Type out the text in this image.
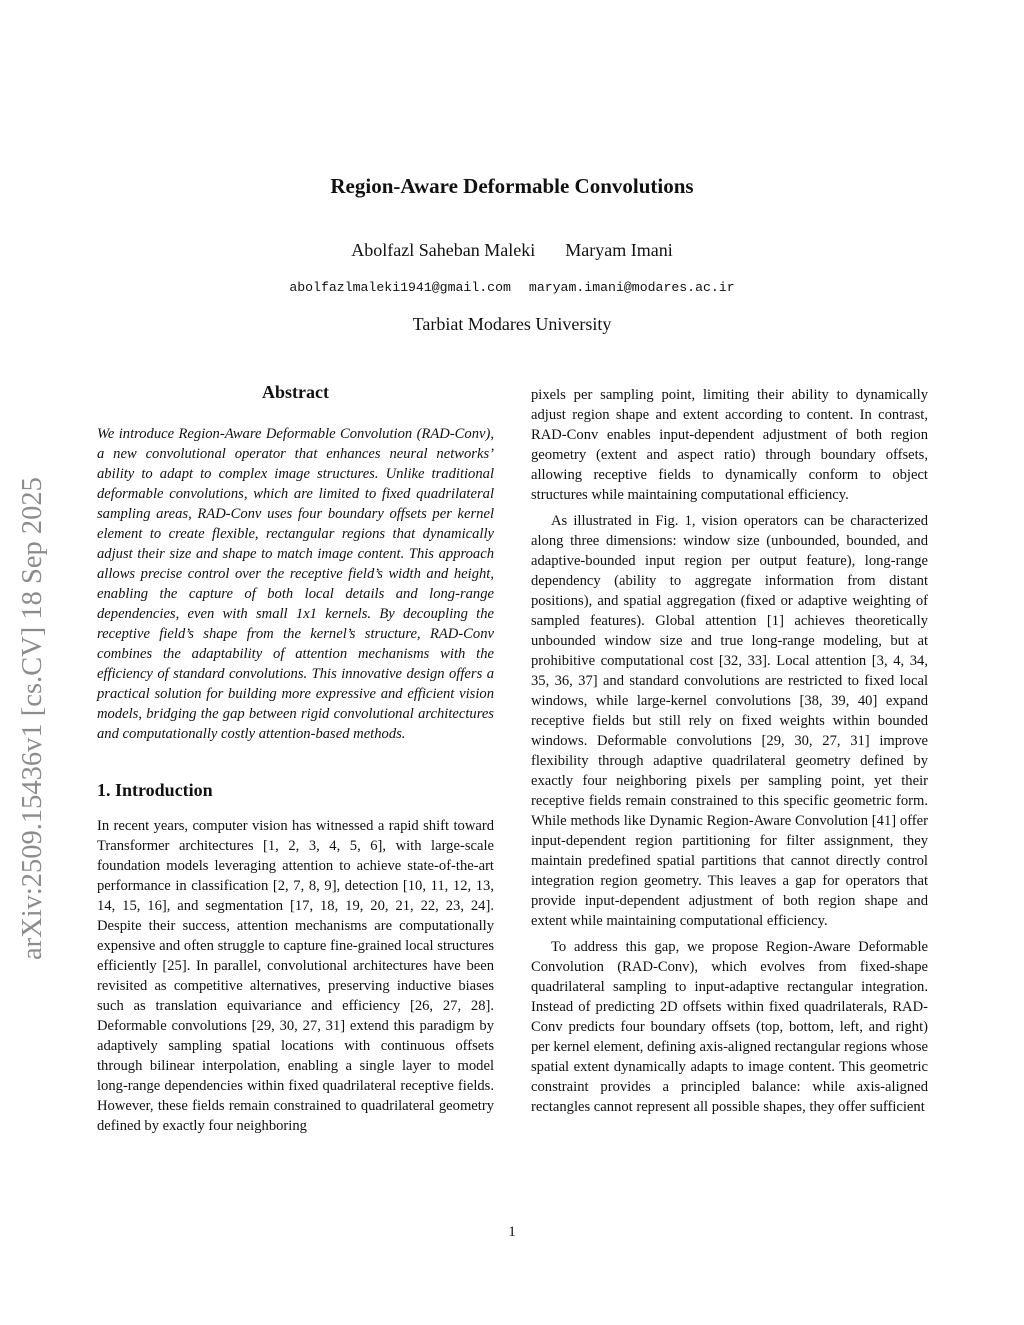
arXiv:2509.15436v1 [cs.CV] 18 Sep 2025
Region-Aware Deformable Convolutions
Abolfazl Saheban Maleki Maryam Imani
abolfazlmaleki1941@gmail.com maryam.imani@modares.ac.ir
Tarbiat Modares University
Abstract

We introduce Region-Aware Deformable Convolution (RAD-Conv), a new convolutional operator that enhances neural networks’ ability to adapt to complex image structures. Unlike traditional deformable convolutions, which are limited to fixed quadrilateral sampling areas, RAD-Conv uses four boundary offsets per kernel element to create flexible, rectangular regions that dynamically adjust their size and shape to match image content. This approach allows precise control over the receptive field’s width and height, enabling the capture of both local details and long-range dependencies, even with small 1x1 kernels. By decoupling the receptive field’s shape from the kernel’s structure, RAD-Conv combines the adaptability of attention mechanisms with the efficiency of standard convolutions. This innovative design offers a practical solution for building more expressive and efficient vision models, bridging the gap between rigid convolutional architectures and computationally costly attention-based methods.

1. Introduction

In recent years, computer vision has witnessed a rapid shift toward Transformer architectures [1, 2, 3, 4, 5, 6], with large-scale foundation models leveraging attention to achieve state-of-the-art performance in classification [2, 7, 8, 9], detection [10, 11, 12, 13, 14, 15, 16], and segmentation [17, 18, 19, 20, 21, 22, 23, 24]. Despite their success, attention mechanisms are computationally expensive and often struggle to capture fine-grained local structures efficiently [25]. In parallel, convolutional architectures have been revisited as competitive alternatives, preserving inductive biases such as translation equivariance and efficiency [26, 27, 28]. Deformable convolutions [29, 30, 27, 31] extend this paradigm by adaptively sampling spatial locations with continuous offsets through bilinear interpolation, enabling a single layer to model long-range dependencies within fixed quadrilateral receptive fields. However, these fields remain constrained to quadrilateral geometry defined by exactly four neighboring

pixels per sampling point, limiting their ability to dynamically adjust region shape and extent according to content. In contrast, RAD-Conv enables input-dependent adjustment of both region geometry (extent and aspect ratio) through boundary offsets, allowing receptive fields to dynamically conform to object structures while maintaining computational efficiency.

As illustrated in Fig. 1, vision operators can be characterized along three dimensions: window size (unbounded, bounded, and adaptive-bounded input region per output feature), long-range dependency (ability to aggregate information from distant positions), and spatial aggregation (fixed or adaptive weighting of sampled features). Global attention [1] achieves theoretically unbounded window size and true long-range modeling, but at prohibitive computational cost [32, 33]. Local attention [3, 4, 34, 35, 36, 37] and standard convolutions are restricted to fixed local windows, while large-kernel convolutions [38, 39, 40] expand receptive fields but still rely on fixed weights within bounded windows. Deformable convolutions [29, 30, 27, 31] improve flexibility through adaptive quadrilateral geometry defined by exactly four neighboring pixels per sampling point, yet their receptive fields remain constrained to this specific geometric form. While methods like Dynamic Region-Aware Convolution [41] offer input-dependent region partitioning for filter assignment, they maintain predefined spatial partitions that cannot directly control integration region geometry. This leaves a gap for operators that provide input-dependent adjustment of both region shape and extent while maintaining computational efficiency.

To address this gap, we propose Region-Aware Deformable Convolution (RAD-Conv), which evolves from fixed-shape quadrilateral sampling to input-adaptive rectangular integration. Instead of predicting 2D offsets within fixed quadrilaterals, RAD-Conv predicts four boundary offsets (top, bottom, left, and right) per kernel element, defining axis-aligned rectangular regions whose spatial extent dynamically adapts to image content. This geometric constraint provides a principled balance: while axis-aligned rectangles cannot represent all possible shapes, they offer sufficient

1
